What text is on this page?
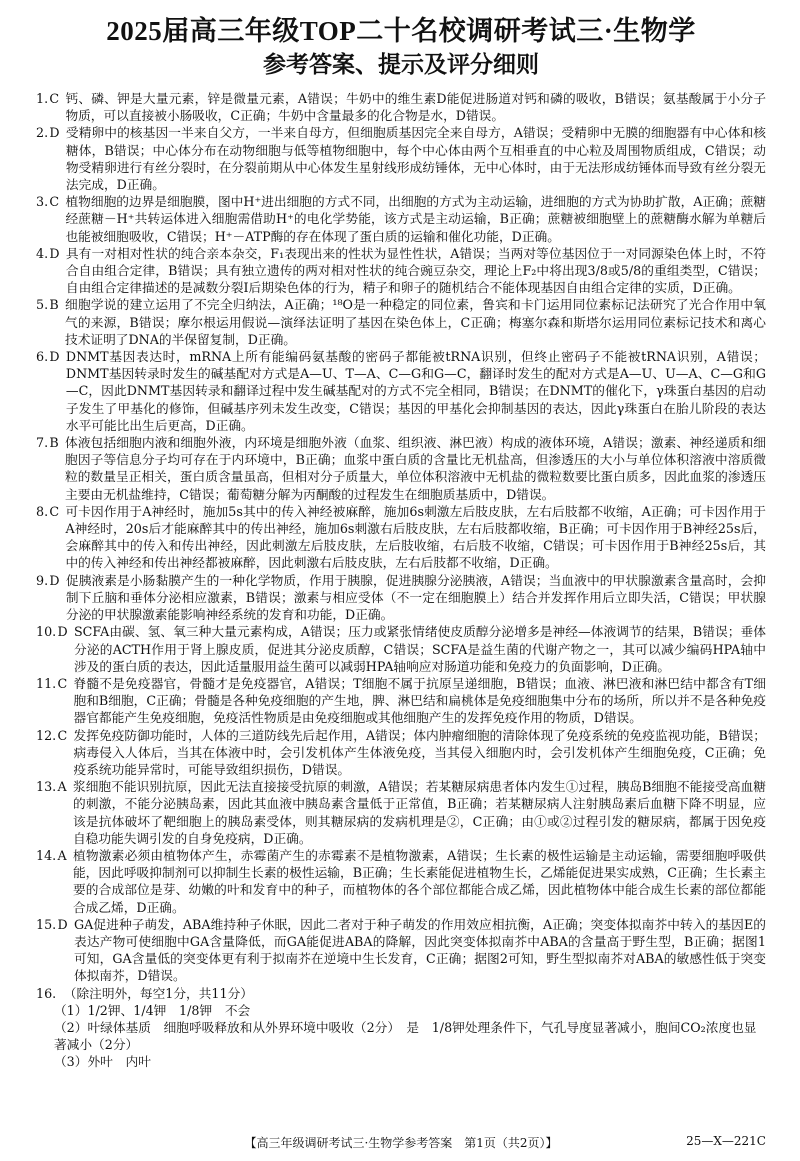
2025届高三年级TOP二十名校调研考试三·生物学
参考答案、提示及评分细则
1. C 钙、磷、钾是大量元素，锌是微量元素，A错误；牛奶中的维生素D能促进肠道对钙和磷的吸收，B错误；氨基酸属于小分子物质，可以直接被小肠吸收，C正确；牛奶中含量最多的化合物是水，D错误。
2. D 受精卵中的核基因一半来自父方，一半来自母方，但细胞质基因完全来自母方，A错误；受精卵中无膜的细胞器有中心体和核糖体，B错误；中心体分布在动物细胞与低等植物细胞中，每个中心体由两个互相垂直的中心粒及周围物质组成，C错误；动物受精卵进行有丝分裂时，在分裂前期从中心体发生星射线形成纺锤体，无中心体时，由于无法形成纺锤体而导致有丝分裂无法完成，D正确。
3. C 植物细胞的边界是细胞膜，图中H⁺进出细胞的方式不同，出细胞的方式为主动运输，进细胞的方式为协助扩散，A正确；蔗糖经蔗糖－H⁺共转运体进入细胞需借助H⁺的电化学势能，该方式是主动运输，B正确；蔗糖被细胞壁上的蔗糖酶水解为单糖后也能被细胞吸收，C错误；H⁺－ATP酶的存在体现了蛋白质的运输和催化功能，D正确。
4. D 具有一对相对性状的纯合亲本杂交，F₁表现出来的性状为显性性状，A错误；当两对等位基因位于一对同源染色体上时，不符合自由组合定律，B错误；具有独立遗传的两对相对性状的纯合豌豆杂交，理论上F₂中将出现3/8或5/8的重组类型，C错误；自由组合定律描述的是减数分裂Ⅰ后期染色体的行为，精子和卵子的随机结合不能体现基因自由组合定律的实质，D正确。
5. B 细胞学说的建立运用了不完全归纳法，A正确；¹⁸O是一种稳定的同位素，鲁宾和卡门运用同位素标记法研究了光合作用中氧气的来源，B错误；摩尔根运用假说—演绎法证明了基因在染色体上，C正确；梅塞尔森和斯塔尔运用同位素标记技术和离心技术证明了DNA的半保留复制，D正确。
6. D DNMT基因表达时，mRNA上所有能编码氨基酸的密码子都能被tRNA识别，但终止密码子不能被tRNA识别，A错误；DNMT基因转录时发生的碱基配对方式是A—U、T—A、C—G和G—C，翻译时发生的配对方式是A—U、U—A、C—G和G—C，因此DNMT基因转录和翻译过程中发生碱基配对的方式不完全相同，B错误；在DNMT的催化下，γ珠蛋白基因的启动子发生了甲基化的修饰，但碱基序列未发生改变，C错误；基因的甲基化会抑制基因的表达，因此γ珠蛋白在胎儿阶段的表达水平可能比出生后更高，D正确。
7. B 体液包括细胞内液和细胞外液，内环境是细胞外液（血浆、组织液、淋巴液）构成的液体环境，A错误；激素、神经递质和细胞因子等信息分子均可存在于内环境中，B正确；血浆中蛋白质的含量比无机盐高，但渗透压的大小与单位体积溶液中溶质微粒的数量呈正相关，蛋白质含量虽高，但相对分子质量大，单位体积溶液中无机盐的微粒数要比蛋白质多，因此血浆的渗透压主要由无机盐维持，C错误；葡萄糖分解为丙酮酸的过程发生在细胞质基质中，D错误。
8. C 可卡因作用于A神经时，施加5s其中的传入神经被麻醉，施加6s刺激左后肢皮肤，左右后肢都不收缩，A正确；可卡因作用于A神经时，20s后才能麻醉其中的传出神经，施加6s刺激右后肢皮肤，左右后肢都收缩，B正确；可卡因作用于B神经25s后，会麻醉其中的传入和传出神经，因此刺激左后肢皮肤，左后肢收缩，右后肢不收缩，C错误；可卡因作用于B神经25s后，其中的传入神经和传出神经都被麻醉，因此刺激右后肢皮肤，左右后肢都不收缩，D正确。
9. D 促胰液素是小肠黏膜产生的一种化学物质，作用于胰腺，促进胰腺分泌胰液，A错误；当血液中的甲状腺激素含量高时，会抑制下丘脑和垂体分泌相应激素，B错误；激素与相应受体（不一定在细胞膜上）结合并发挥作用后立即失活，C错误；甲状腺分泌的甲状腺激素能影响神经系统的发育和功能，D正确。
10. D SCFA由碳、氢、氧三种大量元素构成，A错误；压力或紧张情绪使皮质醇分泌增多是神经—体液调节的结果，B错误；垂体分泌的ACTH作用于肾上腺皮质，促进其分泌皮质醇，C错误；SCFA是益生菌的代谢产物之一，其可以减少编码HPA轴中涉及的蛋白质的表达，因此适量服用益生菌可以减弱HPA轴响应对肠道功能和免疫力的负面影响，D正确。
11. C 脊髓不是免疫器官，骨髓才是免疫器官，A错误；T细胞不属于抗原呈递细胞，B错误；血液、淋巴液和淋巴结中都含有T细胞和B细胞，C正确；骨髓是各种免疫细胞的产生地，脾、淋巴结和扁桃体是免疫细胞集中分布的场所，所以并不是各种免疫器官都能产生免疫细胞，免疫活性物质是由免疫细胞或其他细胞产生的发挥免疫作用的物质，D错误。
12. C 发挥免疫防御功能时，人体的三道防线先后起作用，A错误；体内肿瘤细胞的清除体现了免疫系统的免疫监视功能，B错误；病毒侵入人体后，当其在体液中时，会引发机体产生体液免疫，当其侵入细胞内时，会引发机体产生细胞免疫，C正确；免疫系统功能异常时，可能导致组织损伤，D错误。
13. A 浆细胞不能识别抗原，因此无法直接接受抗原的刺激，A错误；若某糖尿病患者体内发生①过程，胰岛B细胞不能接受高血糖的刺激，不能分泌胰岛素，因此其血液中胰岛素含量低于正常值，B正确；若某糖尿病人注射胰岛素后血糖下降不明显，应该是抗体破坏了靶细胞上的胰岛素受体，则其糖尿病的发病机理是②，C正确；由①或②过程引发的糖尿病，都属于因免疫自稳功能失调引发的自身免疫病，D正确。
14. A 植物激素必须由植物体产生，赤霉菌产生的赤霉素不是植物激素，A错误；生长素的极性运输是主动运输，需要细胞呼吸供能，因此呼吸抑制剂可以抑制生长素的极性运输，B正确；生长素能促进植物生长，乙烯能促进果实成熟，C正确；生长素主要的合成部位是芽、幼嫩的叶和发育中的种子，而植物体的各个部位都能合成乙烯，因此植物体中能合成生长素的部位都能合成乙烯，D正确。
15. D GA促进种子萌发，ABA维持种子休眠，因此二者对于种子萌发的作用效应相抗衡，A正确；突变体拟南芥中转入的基因E的表达产物可使细胞中GA含量降低，而GA能促进ABA的降解，因此突变体拟南芥中ABA的含量高于野生型，B正确；据图1可知，GA含量低的突变体更有利于拟南芥在逆境中生长发育，C正确；据图2可知，野生型拟南芥对ABA的敏感性低于突变体拟南芥，D错误。
16. （除注明外，每空1分，共11分）
（1）1/2钾、1/4钾　1/8钾　不会
（2）叶绿体基质　细胞呼吸释放和从外界环境中吸收（2分）　是　1/8钾处理条件下，气孔导度显著减小，胞间CO₂浓度也显著减小（2分）
（3）外叶　内叶
【高三年级调研考试三·生物学参考答案　第1页（共2页）】	25—X—221C
